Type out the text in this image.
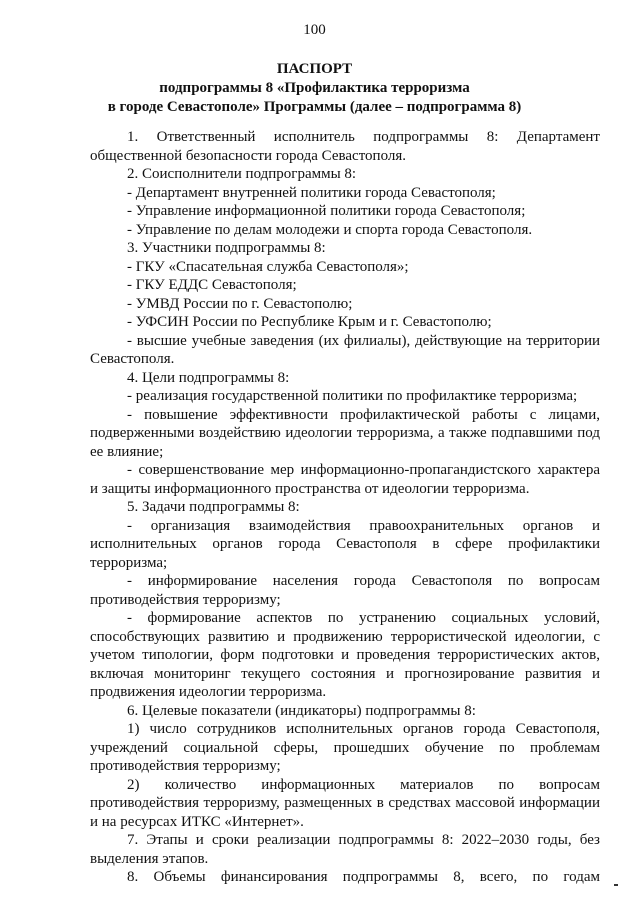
100
ПАСПОРТ
подпрограммы 8 «Профилактика терроризма
в городе Севастополе» Программы (далее – подпрограмма 8)

1. Ответственный исполнитель подпрограммы 8: Департамент общественной безопасности города Севастополя.

2. Соисполнители подпрограммы 8:

- Департамент внутренней политики города Севастополя;

- Управление информационной политики города Севастополя;

- Управление по делам молодежи и спорта города Севастополя.

3. Участники подпрограммы 8:

- ГКУ «Спасательная служба Севастополя»;

- ГКУ ЕДДС Севастополя;

- УМВД России по г. Севастополю;

- УФСИН России по Республике Крым и г. Севастополю;

- высшие учебные заведения (их филиалы), действующие на территории Севастополя.

4. Цели подпрограммы 8:

- реализация государственной политики по профилактике терроризма;

- повышение эффективности профилактической работы с лицами, подверженными воздействию идеологии терроризма, а также подпавшими под ее влияние;

- совершенствование мер информационно-пропагандистского характера и защиты информационного пространства от идеологии терроризма.

5. Задачи подпрограммы 8:

- организация взаимодействия правоохранительных органов и исполнительных органов города Севастополя в сфере профилактики терроризма;

- информирование населения города Севастополя по вопросам противодействия терроризму;

- формирование аспектов по устранению социальных условий, способствующих развитию и продвижению террористической идеологии, с учетом типологии, форм подготовки и проведения террористических актов, включая мониторинг текущего состояния и прогнозирование развития и продвижения идеологии терроризма.

6. Целевые показатели (индикаторы) подпрограммы 8:

1) число сотрудников исполнительных органов города Севастополя, учреждений социальной сферы, прошедших обучение по проблемам противодействия терроризму;

2) количество информационных материалов по вопросам противодействия терроризму, размещенных в средствах массовой информации и на ресурсах ИТКС «Интернет».

7. Этапы и сроки реализации подпрограммы 8: 2022–2030 годы, без выделения этапов.

8. Объемы финансирования подпрограммы 8, всего, по годам
